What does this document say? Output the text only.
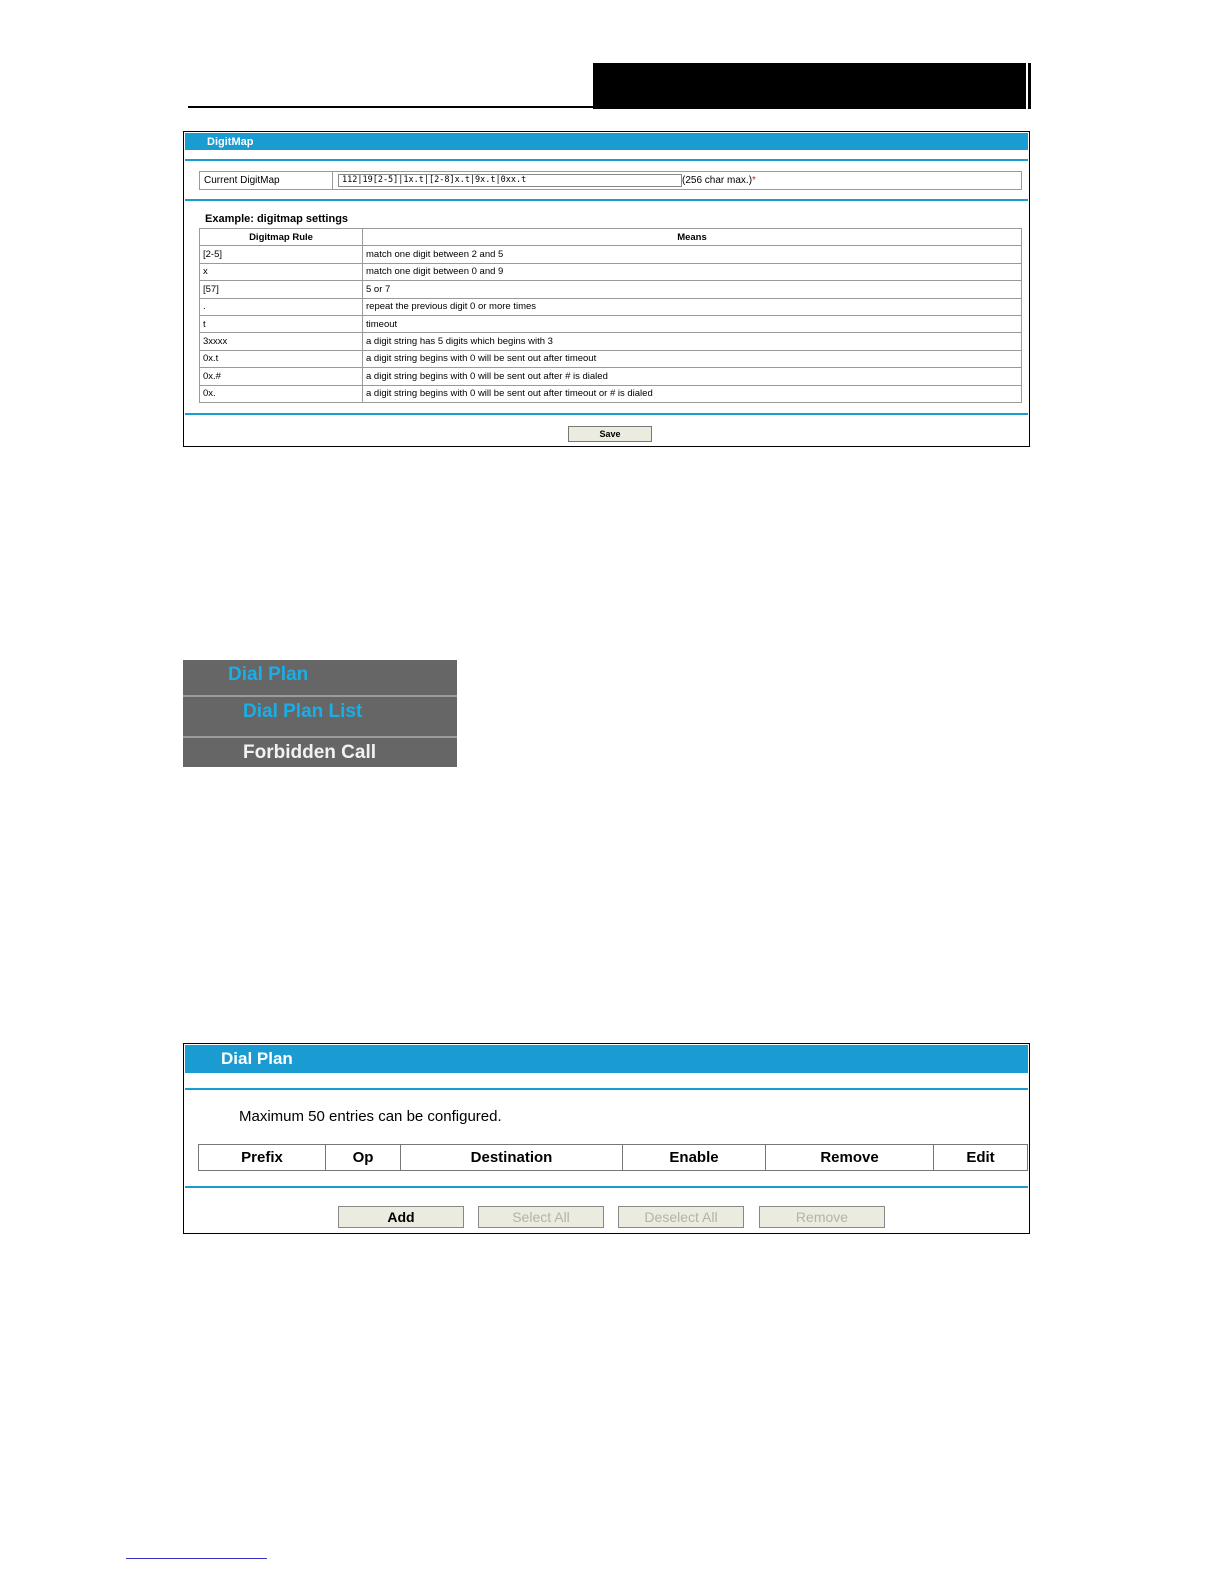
DigitMap
Current DigitMap	112|19[2-5]|1x.t|[2-8]x.t|9x.t|0xx.t	(256 char max.)*
Example: digitmap settings
Digitmap Rule	Means
[2-5]	match one digit between 2 and 5
x	match one digit between 0 and 9
[57]	5 or 7
.	repeat the previous digit 0 or more times
t	timeout
3xxxx	a digit string has 5 digits which begins with 3
0x.t	a digit string begins with 0 will be sent out after timeout
0x.#	a digit string begins with 0 will be sent out after # is dialed
0x.	a digit string begins with 0 will be sent out after timeout or # is dialed
Save
Dial Plan
Dial Plan List
Forbidden Call
Dial Plan
Maximum 50 entries can be configured.
Prefix	Op	Destination	Enable	Remove	Edit
Add	Select All	Deselect All	Remove
